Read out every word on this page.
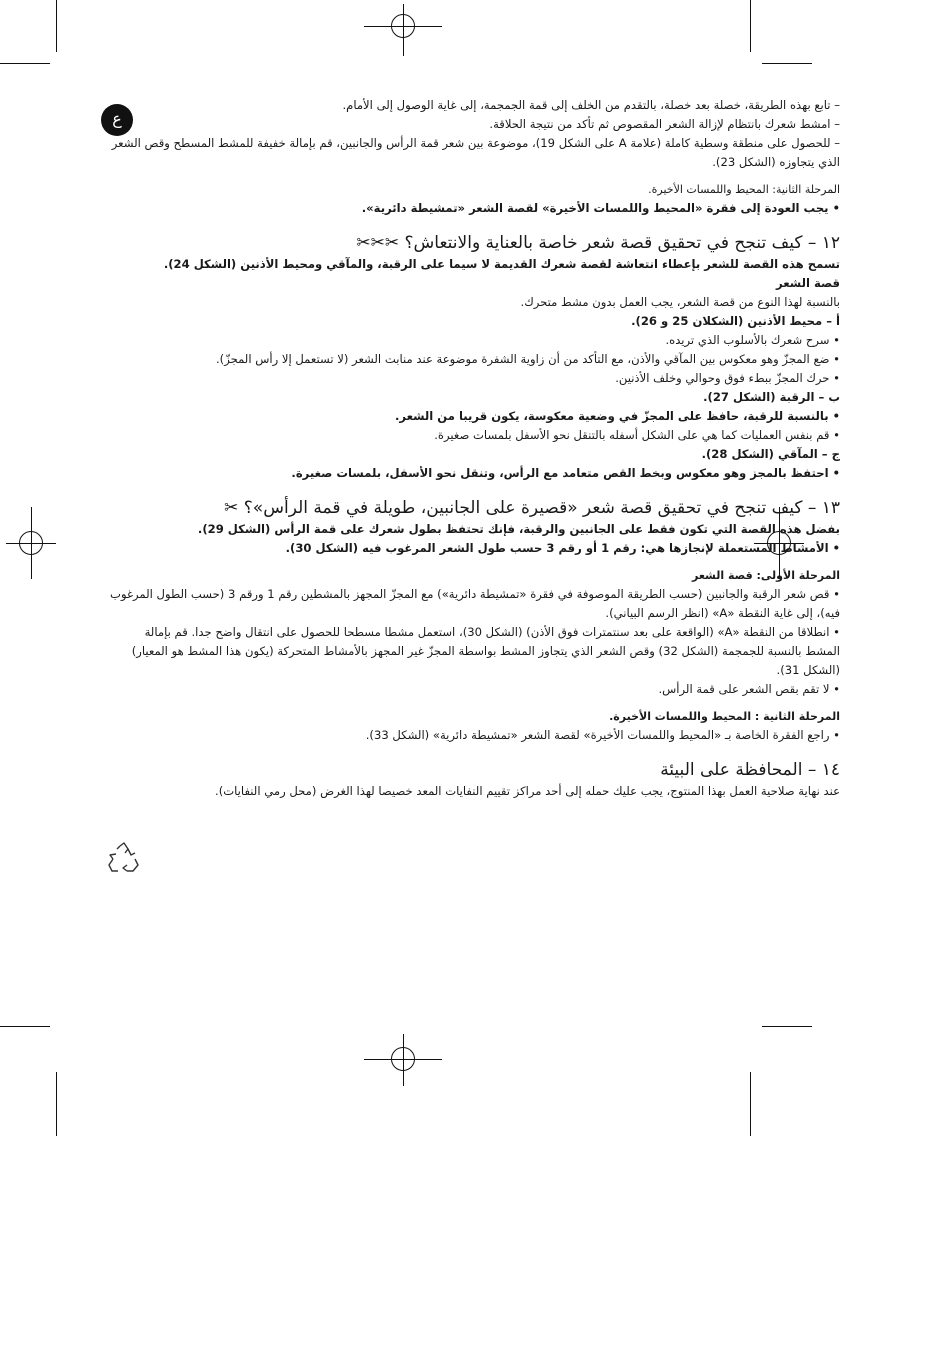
ع

– تابع بهذه الطريقة، خصلة بعد خصلة، بالتقدم من الخلف إلى قمة الجمجمة، إلى غاية الوصول إلى الأمام.

– امشط شعرك بانتظام لإزالة الشعر المقصوص ثم تأكد من نتيجة الحلاقة.

– للحصول على منطقة وسطية كاملة (علامة A على الشكل 19)، موضوعة بين شعر قمة الرأس والجانبين، قم بإمالة خفيفة للمشط المسطح وقص الشعر الذي يتجاوزه (الشكل 23).

المرحلة الثانية: المحيط واللمسات الأخيرة.

• يجب العودة إلى فقرة «المحيط واللمسات الأخيرة» لقصة الشعر «تمشيطة دائرية».

١٢ – كيف تنجح في تحقيق قصة شعر خاصة بالعناية والانتعاش؟ ✂✂✂

تسمح هذه القصة للشعر بإعطاء انتعاشة لقصة شعرك القديمة لا سيما على الرقبة، والمآقي ومحيط الأذنين (الشكل 24).

قصة الشعر

بالنسبة لهذا النوع من قصة الشعر، يجب العمل بدون مشط متحرك.

أ – محيط الأذنين (الشكلان 25 و 26).

• سرح شعرك بالأسلوب الذي تريده.

• ضع المجزّ وهو معكوس بين المآقي والأذن، مع التأكد من أن زاوية الشفرة موضوعة عند منابت الشعر (لا تستعمل إلا رأس المجزّ).

• حرك المجزّ ببطء فوق وحوالي وخلف الأذنين.

ب – الرقبة (الشكل 27).

• بالنسبة للرقبة، حافظ على المجزّ في وضعية معكوسة، يكون قريبا من الشعر.

• قم بنفس العمليات كما هي على الشكل أسفله بالتنقل نحو الأسفل بلمسات صغيرة.

ج – المآقي (الشكل 28).

• احتفظ بالمجز وهو معكوس وبخط القص متعامد مع الرأس، وتنقل نحو الأسفل، بلمسات صغيرة.

١٣ – كيف تنجح في تحقيق قصة شعر «قصيرة على الجانبين، طويلة في قمة الرأس»؟ ✂

بفضل هذه القصة التي تكون فقط على الجانبين والرقبة، فإنك تحتفظ بطول شعرك على قمة الرأس (الشكل 29).

• الأمشاط المستعملة لإنجازها هي: رقم 1 أو رقم 3 حسب طول الشعر المرغوب فيه (الشكل 30).

المرحلة الأولى: قصة الشعر

• قص شعر الرقبة والجانبين (حسب الطريقة الموصوفة في فقرة «تمشيطة دائرية») مع المجزّ المجهز بالمشطين رقم 1 ورقم 3 (حسب الطول المرغوب فيه)، إلى غاية النقطة «A» (انظر الرسم البياني).

• انطلاقا من النقطة «A» (الواقعة على بعد سنتمترات فوق الأذن) (الشكل 30)، استعمل مشطا مسطحا للحصول على انتقال واضح جدا. قم بإمالة المشط بالنسبة للجمجمة (الشكل 32) وقص الشعر الذي يتجاوز المشط بواسطة المجزّ غير المجهز بالأمشاط المتحركة (يكون هذا المشط هو المعيار) (الشكل 31).

• لا تقم بقص الشعر على قمة الرأس.

المرحلة الثانية : المحيط واللمسات الأخيرة.

• راجع الفقرة الخاصة بـ «المحيط واللمسات الأخيرة» لقصة الشعر «تمشيطة دائرية» (الشكل 33).

١٤ – المحافظة على البيئة

عند نهاية صلاحية العمل بهذا المنتوج، يجب عليك حمله إلى أحد مراكز تقييم النفايات المعد خصيصا لهذا الغرض (محل رمي النفايات).
